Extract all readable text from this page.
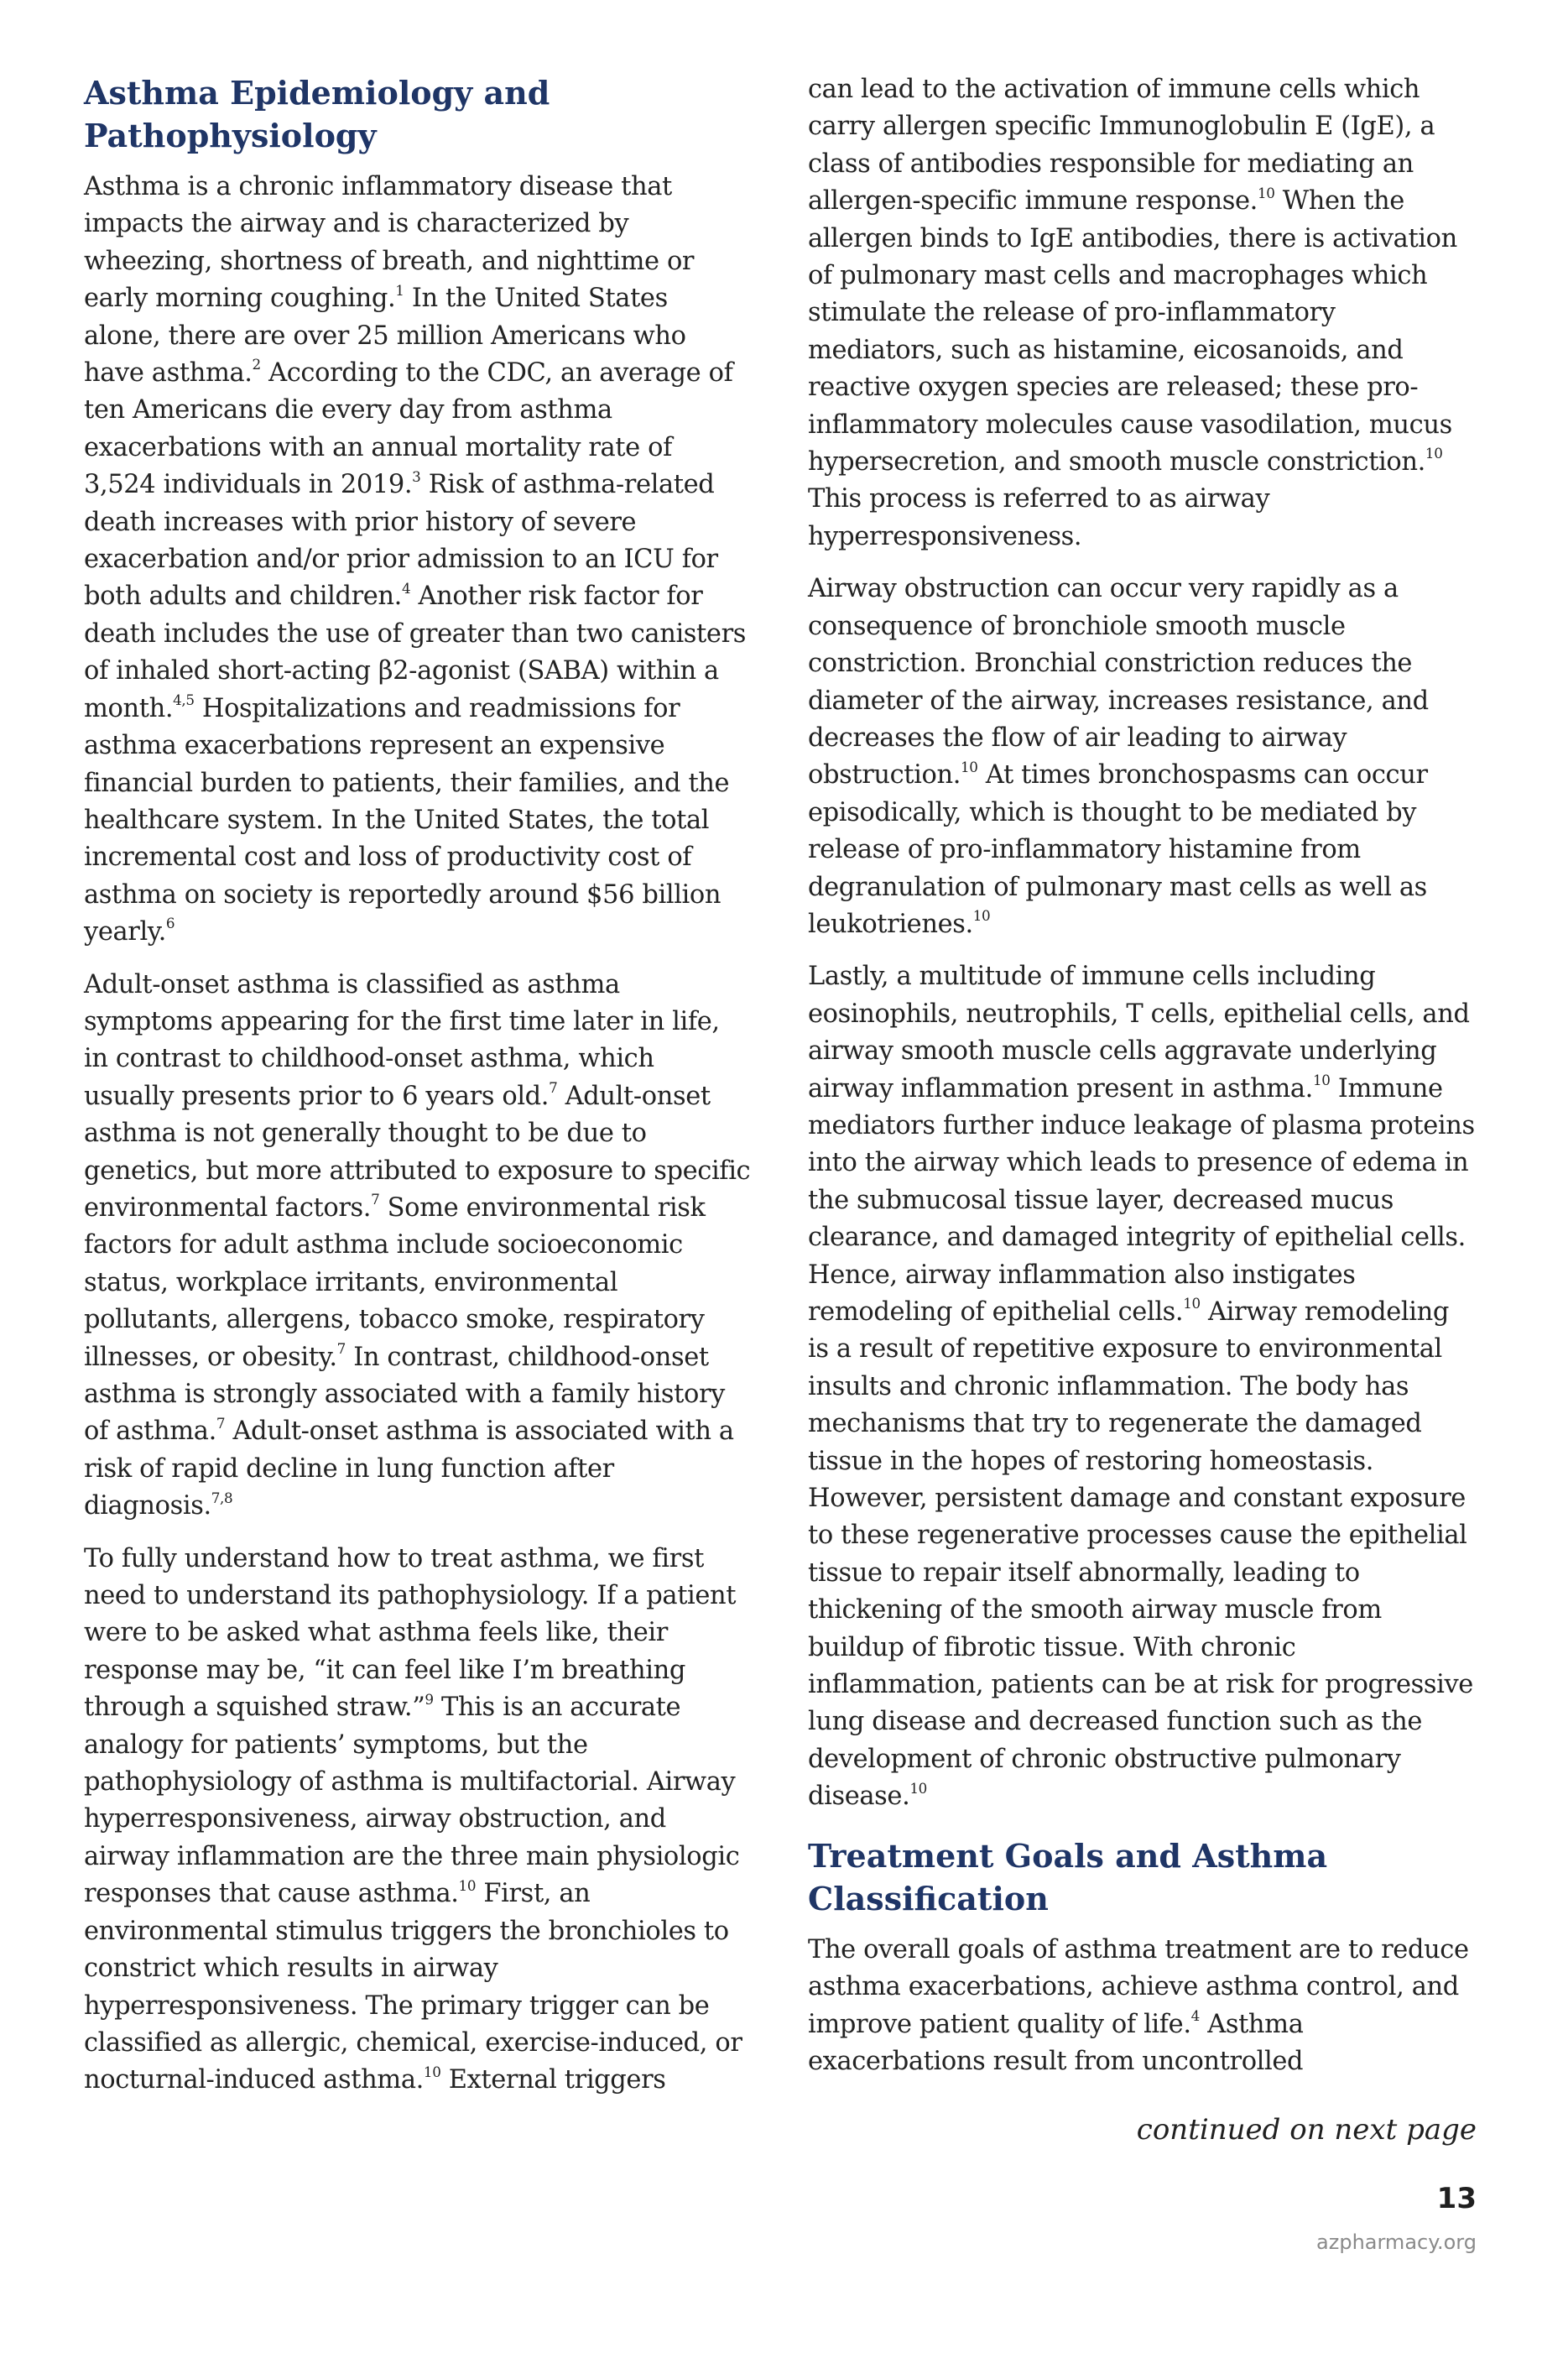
Asthma Epidemiology and Pathophysiology

Asthma is a chronic inflammatory disease that impacts the airway and is characterized by wheezing, shortness of breath, and nighttime or early morning coughing.$^1$ In the United States alone, there are over 25 million Americans who have asthma.$^2$ According to the CDC, an average of ten Americans die every day from asthma exacerbations with an annual mortality rate of 3,524 individuals in 2019.$^3$ Risk of asthma-related death increases with prior history of severe exacerbation and/or prior admission to an ICU for both adults and children.$^4$ Another risk factor for death includes the use of greater than two canisters of inhaled short-acting β2-agonist (SABA) within a month.$^{4,5}$ Hospitalizations and readmissions for asthma exacerbations represent an expensive financial burden to patients, their families, and the healthcare system. In the United States, the total incremental cost and loss of productivity cost of asthma on society is reportedly around $56 billion yearly.$^6$

Adult-onset asthma is classified as asthma symptoms appearing for the first time later in life, in contrast to childhood-onset asthma, which usually presents prior to 6 years old.$^7$ Adult-onset asthma is not generally thought to be due to genetics, but more attributed to exposure to specific environmental factors.$^7$ Some environmental risk factors for adult asthma include socioeconomic status, workplace irritants, environmental pollutants, allergens, tobacco smoke, respiratory illnesses, or obesity.$^7$ In contrast, childhood-onset asthma is strongly associated with a family history of asthma.$^7$ Adult-onset asthma is associated with a risk of rapid decline in lung function after diagnosis.$^{7,8}$

To fully understand how to treat asthma, we first need to understand its pathophysiology. If a patient were to be asked what asthma feels like, their response may be, “it can feel like I’m breathing through a squished straw.”$^9$ This is an accurate analogy for patients’ symptoms, but the pathophysiology of asthma is multifactorial. Airway hyperresponsiveness, airway obstruction, and airway inflammation are the three main physiologic responses that cause asthma.$^{10}$ First, an environmental stimulus triggers the bronchioles to constrict which results in airway hyperresponsiveness. The primary trigger can be classified as allergic, chemical, exercise-induced, or nocturnal-induced asthma.$^{10}$ External triggers

can lead to the activation of immune cells which carry allergen specific Immunoglobulin E (IgE), a class of antibodies responsible for mediating an allergen-specific immune response.$^{10}$ When the allergen binds to IgE antibodies, there is activation of pulmonary mast cells and macrophages which stimulate the release of pro-inflammatory mediators, such as histamine, eicosanoids, and reactive oxygen species are released; these pro-inflammatory molecules cause vasodilation, mucus hypersecretion, and smooth muscle constriction.$^{10}$ This process is referred to as airway hyperresponsiveness.

Airway obstruction can occur very rapidly as a consequence of bronchiole smooth muscle constriction. Bronchial constriction reduces the diameter of the airway, increases resistance, and decreases the flow of air leading to airway obstruction.$^{10}$ At times bronchospasms can occur episodically, which is thought to be mediated by release of pro-inflammatory histamine from degranulation of pulmonary mast cells as well as leukotrienes.$^{10}$

Lastly, a multitude of immune cells including eosinophils, neutrophils, T cells, epithelial cells, and airway smooth muscle cells aggravate underlying airway inflammation present in asthma.$^{10}$ Immune mediators further induce leakage of plasma proteins into the airway which leads to presence of edema in the submucosal tissue layer, decreased mucus clearance, and damaged integrity of epithelial cells. Hence, airway inflammation also instigates remodeling of epithelial cells.$^{10}$ Airway remodeling is a result of repetitive exposure to environmental insults and chronic inflammation. The body has mechanisms that try to regenerate the damaged tissue in the hopes of restoring homeostasis. However, persistent damage and constant exposure to these regenerative processes cause the epithelial tissue to repair itself abnormally, leading to thickening of the smooth airway muscle from buildup of fibrotic tissue. With chronic inflammation, patients can be at risk for progressive lung disease and decreased function such as the development of chronic obstructive pulmonary disease.$^{10}$

Treatment Goals and Asthma Classification

The overall goals of asthma treatment are to reduce asthma exacerbations, achieve asthma control, and improve patient quality of life.$^4$ Asthma exacerbations result from uncontrolled

continued on next page
13
azpharmacy.org
